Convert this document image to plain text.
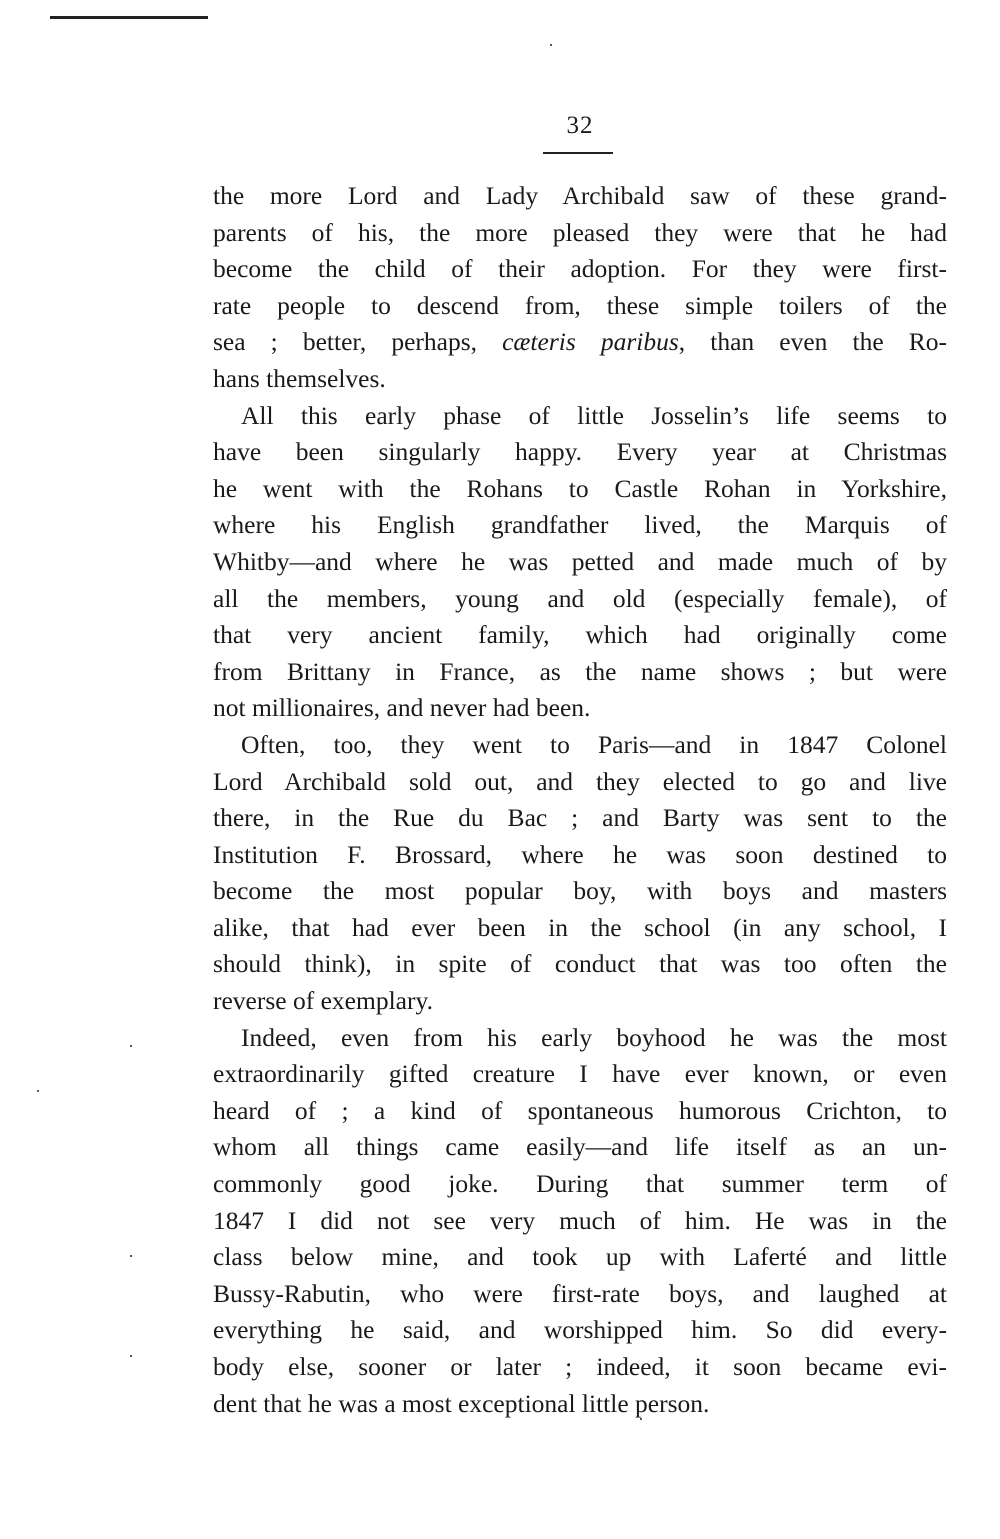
32
the more Lord and Lady Archibald saw of these grand-
parents of his, the more pleased they were that he had
become the child of their adoption. For they were first-
rate people to descend from, these simple toilers of the
sea ; better, perhaps, cæteris paribus, than even the Ro-
hans themselves.
All this early phase of little Josselin’s life seems to
have been singularly happy. Every year at Christmas
he went with the Rohans to Castle Rohan in Yorkshire,
where his English grandfather lived, the Marquis of
Whitby—and where he was petted and made much of by
all the members, young and old (especially female), of
that very ancient family, which had originally come
from Brittany in France, as the name shows ; but were
not millionaires, and never had been.
Often, too, they went to Paris—and in 1847 Colonel
Lord Archibald sold out, and they elected to go and live
there, in the Rue du Bac ; and Barty was sent to the
Institution F. Brossard, where he was soon destined to
become the most popular boy, with boys and masters
alike, that had ever been in the school (in any school, I
should think), in spite of conduct that was too often the
reverse of exemplary.
Indeed, even from his early boyhood he was the most
extraordinarily gifted creature I have ever known, or even
heard of ; a kind of spontaneous humorous Crichton, to
whom all things came easily—and life itself as an un-
commonly good joke. During that summer term of
1847 I did not see very much of him. He was in the
class below mine, and took up with Laferté and little
Bussy-Rabutin, who were first-rate boys, and laughed at
everything he said, and worshipped him. So did every-
body else, sooner or later ; indeed, it soon became evi-
dent that he was a most exceptional little person.
